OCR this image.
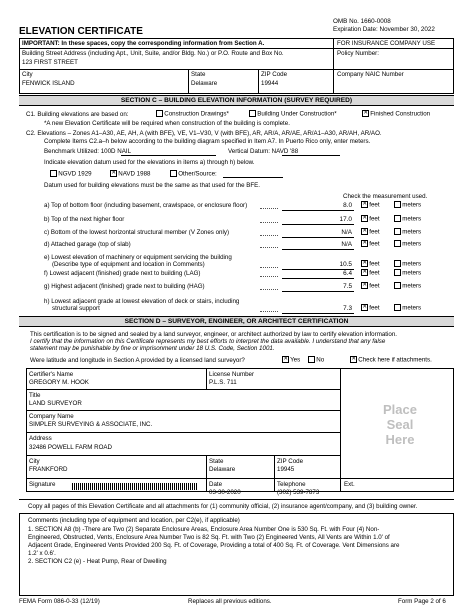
ELEVATION CERTIFICATE
OMB No. 1660-0008
Expiration Date: November 30, 2022
IMPORTANT: In these spaces, copy the corresponding information from Section A.	FOR INSURANCE COMPANY USE
Building Street Address (including Apt., Unit, Suite, and/or Bldg. No.) or P.O. Route and Box No.
123 FIRST STREET
Policy Number:
City
FENWICK ISLAND
State
Delaware
ZIP Code
19944
Company NAIC Number
SECTION C – BUILDING ELEVATION INFORMATION (SURVEY REQUIRED)
C1. Building elevations are based on:	Construction Drawings*	Building Under Construction* ✕	Finished Construction
*A new Elevation Certificate will be required when construction of the building is complete.
C2. Elevations – Zones A1–A30, AE, AH, A (with BFE), VE, V1–V30, V (with BFE), AR, AR/A, AR/AE, AR/A1–A30, AR/AH, AR/AO.
Complete Items C2.a–h below according to the building diagram specified in Item A7. In Puerto Rico only, enter meters.
Benchmark Utilized: 100D NAIL	Vertical Datum: NAVD '88
Indicate elevation datum used for the elevations in items a) through h) below.
NGVD 1929 ✕	NAVD 1988	Other/Source:
Datum used for building elevations must be the same as that used for the BFE.
Check the measurement used.
a) Top of bottom floor (including basement, crawlspace, or enclosure floor)	8.0 ✕	feet	meters
b) Top of the next higher floor	17.0 ✕	feet	meters
c) Bottom of the lowest horizontal structural member (V Zones only)	N/A ✕	feet	meters
d) Attached garage (top of slab)	N/A ✕	feet	meters
e) Lowest elevation of machinery or equipment servicing the building
(Describe type of equipment and location in Comments)	10.5 ✕	feet	meters
f) Lowest adjacent (finished) grade next to building (LAG)	6.4 ✕	feet	meters
g) Highest adjacent (finished) grade next to building (HAG)	7.5 ✕	feet	meters
h) Lowest adjacent grade at lowest elevation of deck or stairs, including
structural support	7.3 ✕	feet	meters
SECTION D – SURVEYOR, ENGINEER, OR ARCHITECT CERTIFICATION
This certification is to be signed and sealed by a land surveyor, engineer, or architect authorized by law to certify elevation information.
I certify that the information on this Certificate represents my best efforts to interpret the data available. I understand that any false
statement may be punishable by fine or imprisonment under 18 U.S. Code, Section 1001.
Were latitude and longitude in Section A provided by a licensed land surveyor? ✕	Yes	No ✕	Check here if attachments.
Certifier's Name
GREGORY M. HOOK
License Number
P.L.S. 711
Title
LAND SURVEYOR
Company Name
SIMPLER SURVEYING & ASSOCIATE, INC.
Address
32486 POWELL FARM ROAD
Place
Seal
Here
City
FRANKFORD
State
Delaware
ZIP Code
19945
Signature	Date
03-30-2020
Telephone
(302) 539-7873
Ext.
Copy all pages of this Elevation Certificate and all attachments for (1) community official, (2) insurance agent/company, and (3) building owner.
Comments (including type of equipment and location, per C2(e), if applicable)
1. SECTION A8 (b) -There are Two (2) Separate Enclosure Areas, Enclosure Area Number One is 530 Sq. Ft. with Four (4) Non-
Engineered, Obstructed, Vents, Enclosure Area Number Two is 82 Sq. Ft. with Two (2) Engineered Vents, All Vents are Within 1.0' of
Adjacent Grade, Engineered Vents Provided 200 Sq. Ft. of Coverage, Providing a total of 400 Sq. Ft. of Coverage. Vent Dimensions are
1.2' x 0.6'.
2. SECTION C2 (e) - Heat Pump, Rear of Dwelling
FEMA Form 086-0-33 (12/19)	Replaces all previous editions.	Form Page 2 of 6
